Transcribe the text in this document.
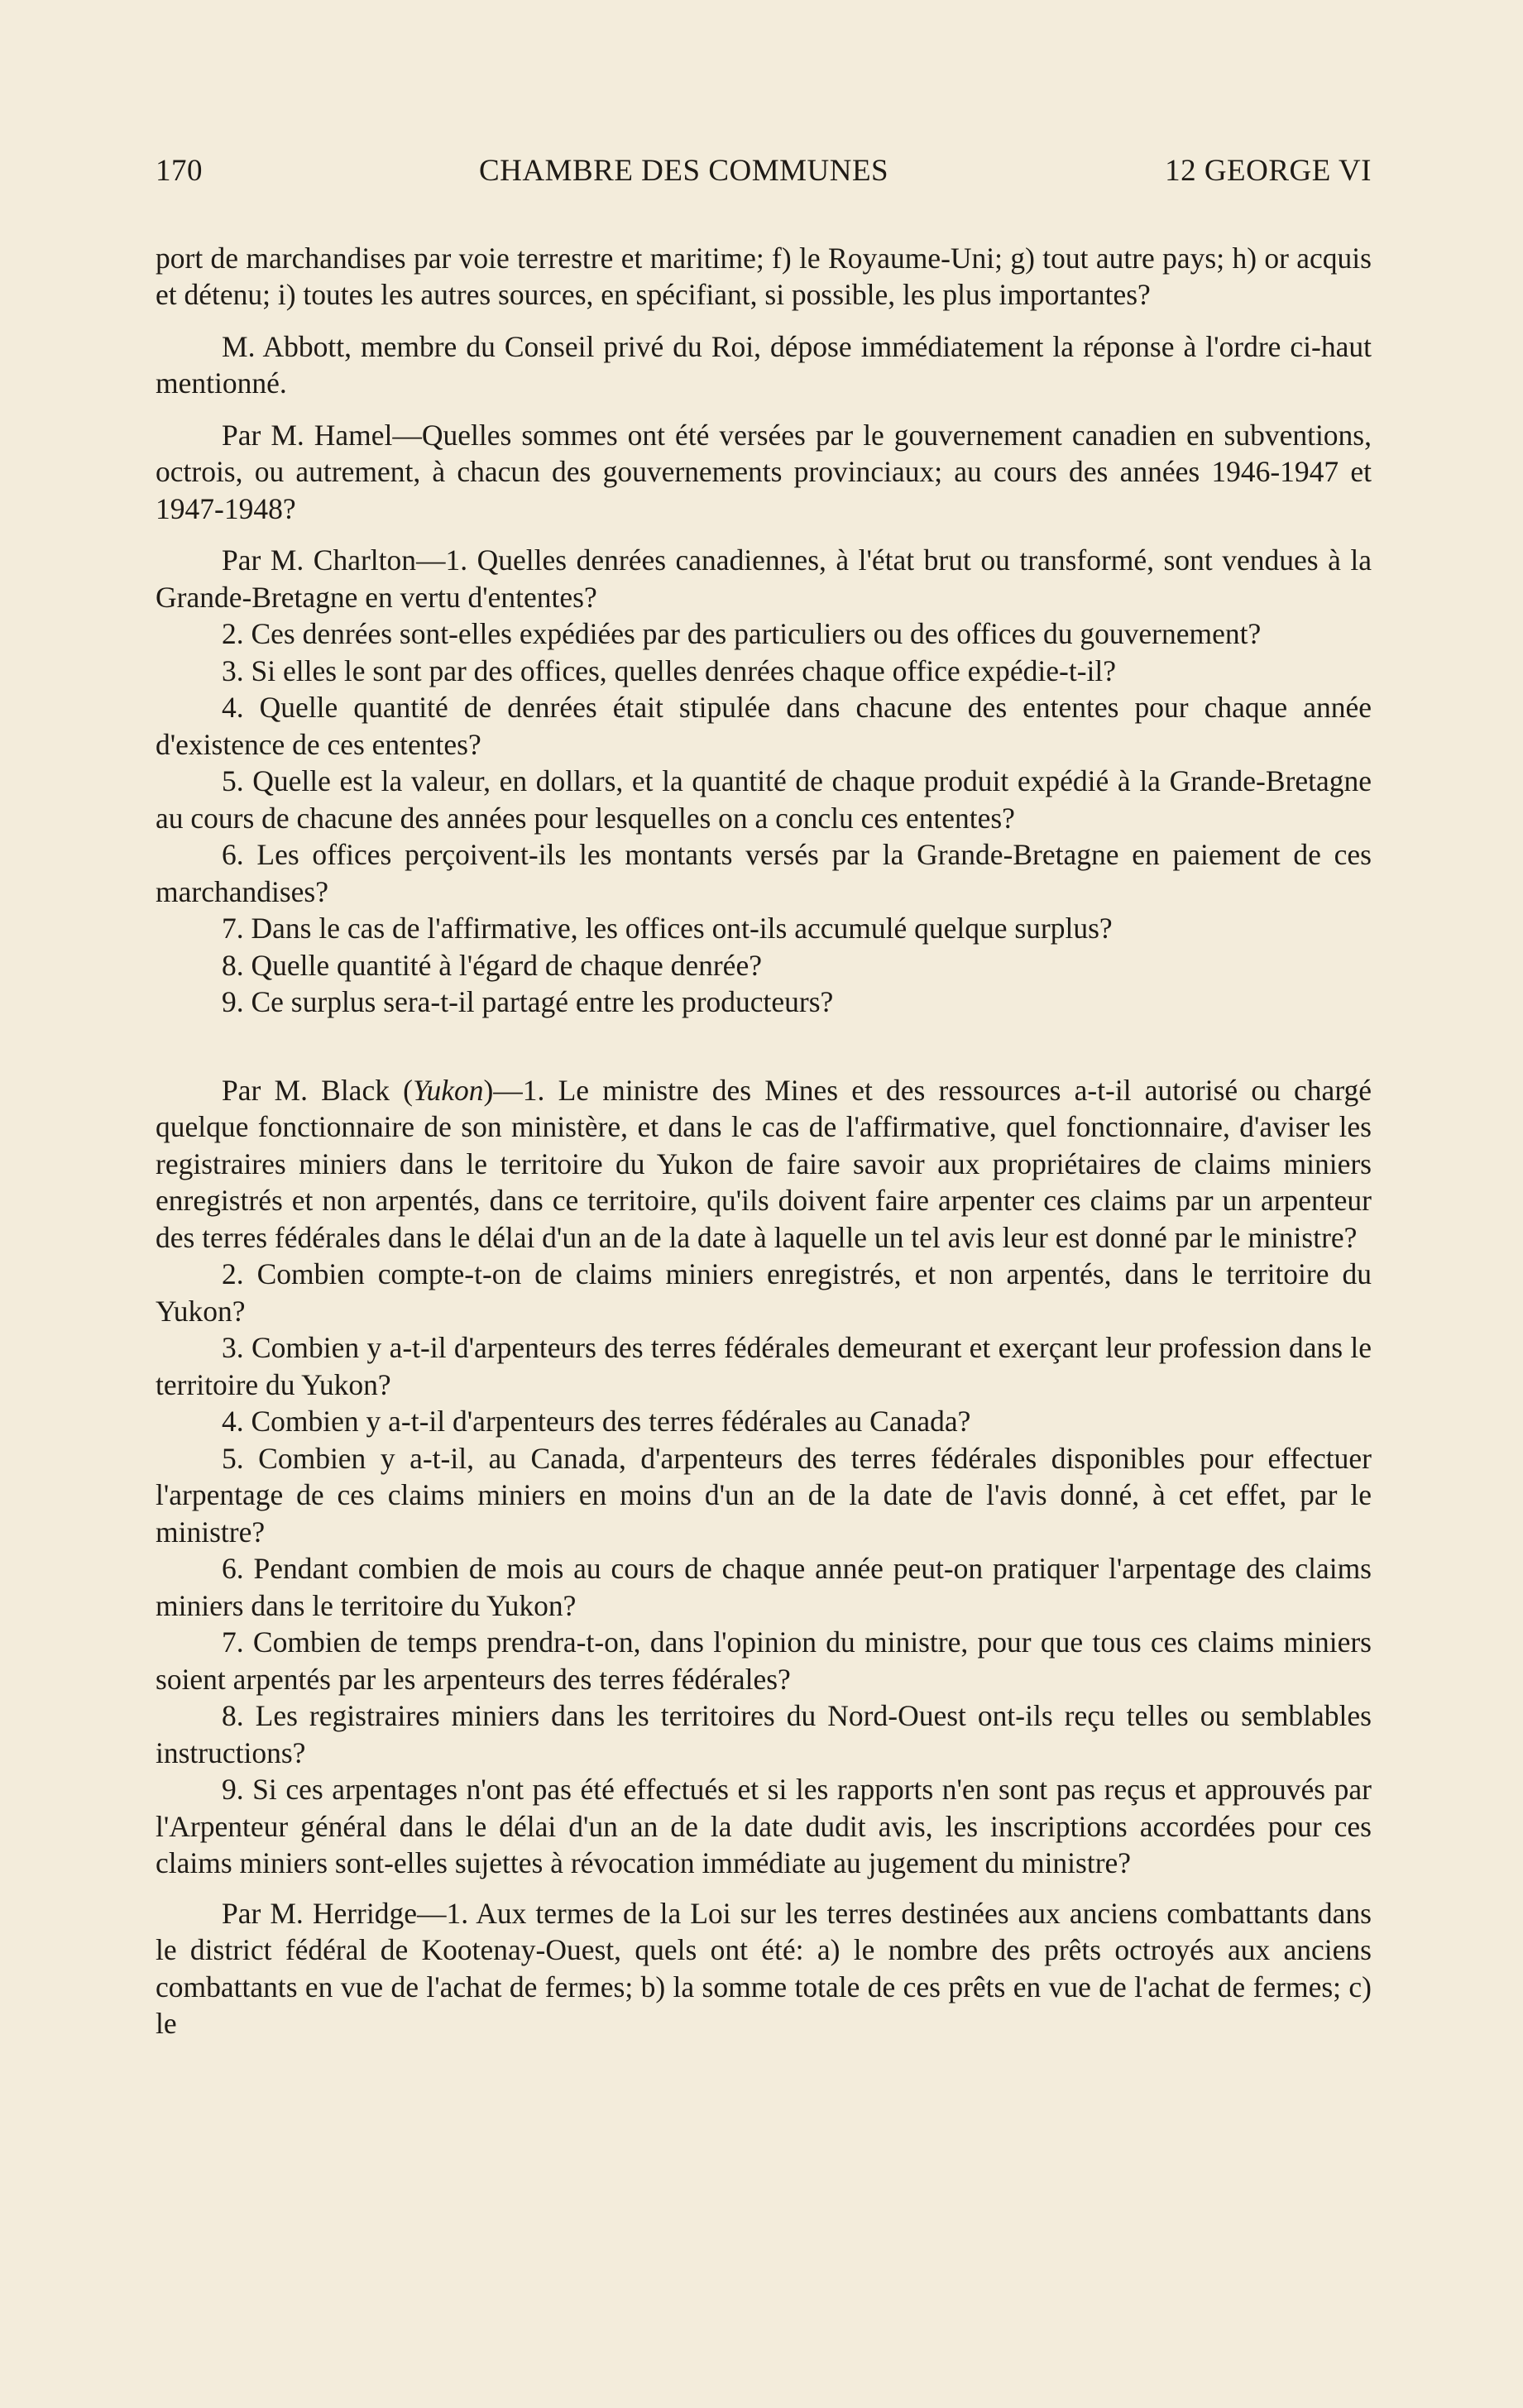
170	CHAMBRE DES COMMUNES	12 GEORGE VI

port de marchandises par voie terrestre et maritime; f) le Royaume-Uni; g) tout autre pays; h) or acquis et détenu; i) toutes les autres sources, en spécifiant, si possible, les plus importantes?

M. Abbott, membre du Conseil privé du Roi, dépose immédiatement la réponse à l'ordre ci-haut mentionné.

Par M. Hamel—Quelles sommes ont été versées par le gouvernement canadien en subventions, octrois, ou autrement, à chacun des gouvernements provinciaux; au cours des années 1946-1947 et 1947-1948?

Par M. Charlton—1. Quelles denrées canadiennes, à l'état brut ou transformé, sont vendues à la Grande-Bretagne en vertu d'ententes?

2. Ces denrées sont-elles expédiées par des particuliers ou des offices du gouvernement?

3. Si elles le sont par des offices, quelles denrées chaque office expédie-t-il?

4. Quelle quantité de denrées était stipulée dans chacune des ententes pour chaque année d'existence de ces ententes?

5. Quelle est la valeur, en dollars, et la quantité de chaque produit expédié à la Grande-Bretagne au cours de chacune des années pour lesquelles on a conclu ces ententes?

6. Les offices perçoivent-ils les montants versés par la Grande-Bretagne en paiement de ces marchandises?

7. Dans le cas de l'affirmative, les offices ont-ils accumulé quelque surplus?

8. Quelle quantité à l'égard de chaque denrée?

9. Ce surplus sera-t-il partagé entre les producteurs?

Par M. Black (Yukon)—1. Le ministre des Mines et des ressources a-t-il autorisé ou chargé quelque fonctionnaire de son ministère, et dans le cas de l'affirmative, quel fonctionnaire, d'aviser les registraires miniers dans le territoire du Yukon de faire savoir aux propriétaires de claims miniers enregistrés et non arpentés, dans ce territoire, qu'ils doivent faire arpenter ces claims par un arpenteur des terres fédérales dans le délai d'un an de la date à laquelle un tel avis leur est donné par le ministre?

2. Combien compte-t-on de claims miniers enregistrés, et non arpentés, dans le territoire du Yukon?

3. Combien y a-t-il d'arpenteurs des terres fédérales demeurant et exerçant leur profession dans le territoire du Yukon?

4. Combien y a-t-il d'arpenteurs des terres fédérales au Canada?

5. Combien y a-t-il, au Canada, d'arpenteurs des terres fédérales disponibles pour effectuer l'arpentage de ces claims miniers en moins d'un an de la date de l'avis donné, à cet effet, par le ministre?

6. Pendant combien de mois au cours de chaque année peut-on pratiquer l'arpentage des claims miniers dans le territoire du Yukon?

7. Combien de temps prendra-t-on, dans l'opinion du ministre, pour que tous ces claims miniers soient arpentés par les arpenteurs des terres fédérales?

8. Les registraires miniers dans les territoires du Nord-Ouest ont-ils reçu telles ou semblables instructions?

9. Si ces arpentages n'ont pas été effectués et si les rapports n'en sont pas reçus et approuvés par l'Arpenteur général dans le délai d'un an de la date dudit avis, les inscriptions accordées pour ces claims miniers sont-elles sujettes à révocation immédiate au jugement du ministre?

Par M. Herridge—1. Aux termes de la Loi sur les terres destinées aux anciens combattants dans le district fédéral de Kootenay-Ouest, quels ont été: a) le nombre des prêts octroyés aux anciens combattants en vue de l'achat de fermes; b) la somme totale de ces prêts en vue de l'achat de fermes; c) le
